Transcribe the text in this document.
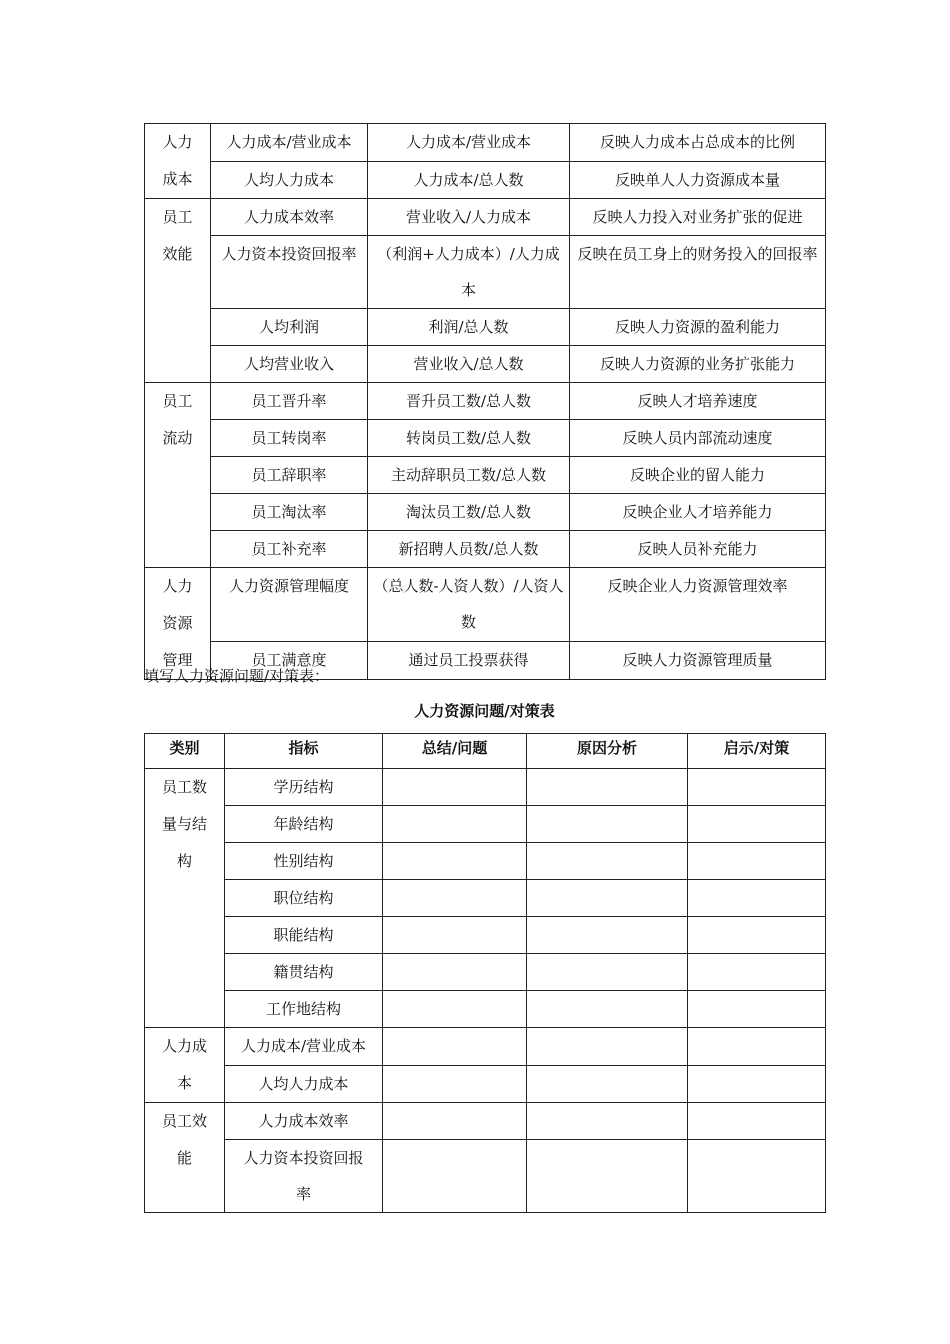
人力
成本	人力成本/营业成本	人力成本/营业成本	反映人力成本占总成本的比例
	人均人力成本	人力成本/总人数	反映单人人力资源成本量
员工
效能	人力成本效率	营业收入/人力成本	反映人力投入对业务扩张的促进
	人力资本投资回报率	（利润+人力成本）/人力成本	反映在员工身上的财务投入的回报率
	人均利润	利润/总人数	反映人力资源的盈利能力
	人均营业收入	营业收入/总人数	反映人力资源的业务扩张能力
员工
流动	员工晋升率	晋升员工数/总人数	反映人才培养速度
	员工转岗率	转岗员工数/总人数	反映人员内部流动速度
	员工辞职率	主动辞职员工数/总人数	反映企业的留人能力
	员工淘汰率	淘汰员工数/总人数	反映企业人才培养能力
	员工补充率	新招聘人员数/总人数	反映人员补充能力
人力
资源
管理	人力资源管理幅度	（总人数-人资人数）/人资人数	反映企业人力资源管理效率
	员工满意度	通过员工投票获得	反映人力资源管理质量
填写人力资源问题/对策表：
人力资源问题/对策表
类别	指标	总结/问题	原因分析	启示/对策
员工数
量与结
构	学历结构			
	年龄结构			
	性别结构			
	职位结构			
	职能结构			
	籍贯结构			
	工作地结构			
人力成
本	人力成本/营业成本			
	人均人力成本			
员工效
能	人力成本效率			
	人力资本投资回报
率			
